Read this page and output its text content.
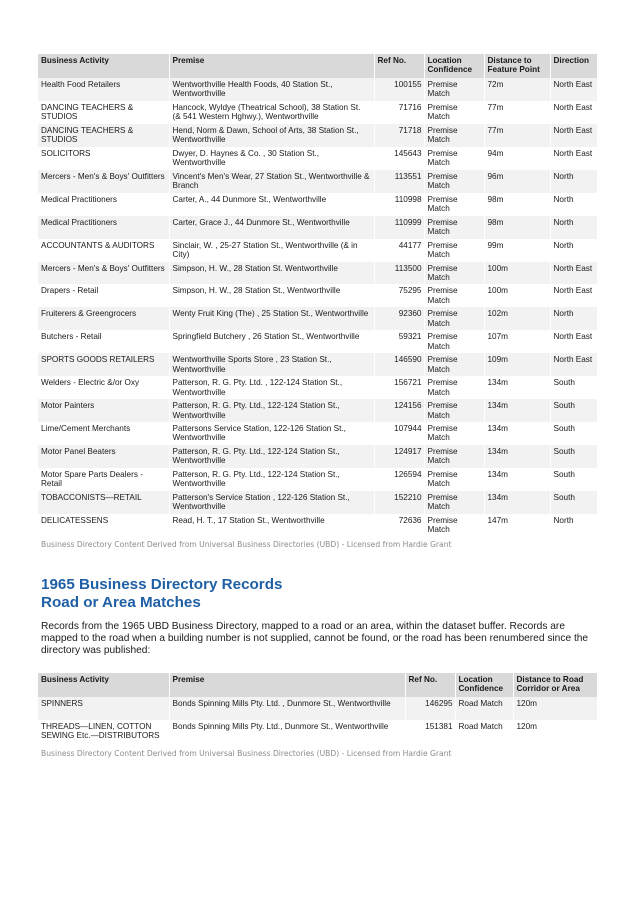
Business Activity	Premise	Ref No.	Location Confidence	Distance to Feature Point	Direction
Health Food Retailers	Wentworthville Health Foods, 40 Station St., Wentworthville	100155	Premise Match	72m	North East
DANCING TEACHERS & STUDIOS	Hancock, Wyldye (Theatrical School), 38 Station St. (& 541 Western Hghwy.), Wentworthville	71716	Premise Match	77m	North East
DANCING TEACHERS & STUDIOS	Hend, Norm & Dawn, School of Arts, 38 Station St., Wentworthville	71718	Premise Match	77m	North East
SOLICITORS	Dwyer, D. Haynes & Co. , 30 Station St., Wentworthville	145643	Premise Match	94m	North East
Mercers - Men's & Boys' Outfitters	Vincent's Men's Wear, 27 Station St., Wentworthville & Branch	113551	Premise Match	96m	North
Medical Practitioners	Carter, A., 44 Dunmore St., Wentworthville	110998	Premise Match	98m	North
Medical Practitioners	Carter, Grace J., 44 Dunmore St., Wentworthville	110999	Premise Match	98m	North
ACCOUNTANTS & AUDITORS	Sinclair, W. , 25-27 Station St., Wentworthville (& in City)	44177	Premise Match	99m	North
Mercers - Men's & Boys' Outfitters	Simpson, H. W., 28 Station St. Wentworthville	113500	Premise Match	100m	North East
Drapers - Retail	Simpson, H. W., 28 Station St., Wentworthville	75295	Premise Match	100m	North East
Fruiterers & Greengrocers	Wenty Fruit King (The) , 25 Station St., Wentworthville	92360	Premise Match	102m	North
Butchers - Retail	Springfield Butchery , 26 Station St., Wentworthville	59321	Premise Match	107m	North East
SPORTS GOODS RETAILERS	Wentworthville Sports Store , 23 Station St., Wentworthville	146590	Premise Match	109m	North East
Welders - Electric &/or Oxy	Patterson, R. G. Pty. Ltd. , 122-124 Station St., Wentworthville	156721	Premise Match	134m	South
Motor Painters	Patterson, R. G. Pty. Ltd., 122-124 Station St., Wentworthville	124156	Premise Match	134m	South
Lime/Cement Merchants	Pattersons Service Station, 122-126 Station St., Wentworthville	107944	Premise Match	134m	South
Motor Panel Beaters	Patterson, R. G. Pty. Ltd., 122-124 Station St., Wentworthville	124917	Premise Match	134m	South
Motor Spare Parts Dealers - Retail	Patterson, R. G. Pty. Ltd., 122-124 Station St., Wentworthville	126594	Premise Match	134m	South
TOBACCONISTS—RETAIL	Patterson's Service Station , 122-126 Station St., Wentworthville	152210	Premise Match	134m	South
DELICATESSENS	Read, H. T., 17 Station St., Wentworthville	72636	Premise Match	147m	North
Business Directory Content Derived from Universal Business Directories (UBD) - Licensed from Hardie Grant
1965 Business Directory Records
Road or Area Matches
Records from the 1965 UBD Business Directory, mapped to a road or an area, within the dataset buffer. Records are mapped to the road when a building number is not supplied, cannot be found, or the road has been renumbered since the directory was published:
Business Activity	Premise	Ref No.	Location Confidence	Distance to Road Corridor or Area
SPINNERS	Bonds Spinning Mills Pty. Ltd. , Dunmore St., Wentworthville	146295	Road Match	120m
THREADS—LINEN, COTTON SEWING Etc.—DISTRIBUTORS	Bonds Spinning Mills Pty. Ltd., Dunmore St., Wentworthville	151381	Road Match	120m
Business Directory Content Derived from Universal Business Directories (UBD) - Licensed from Hardie Grant
